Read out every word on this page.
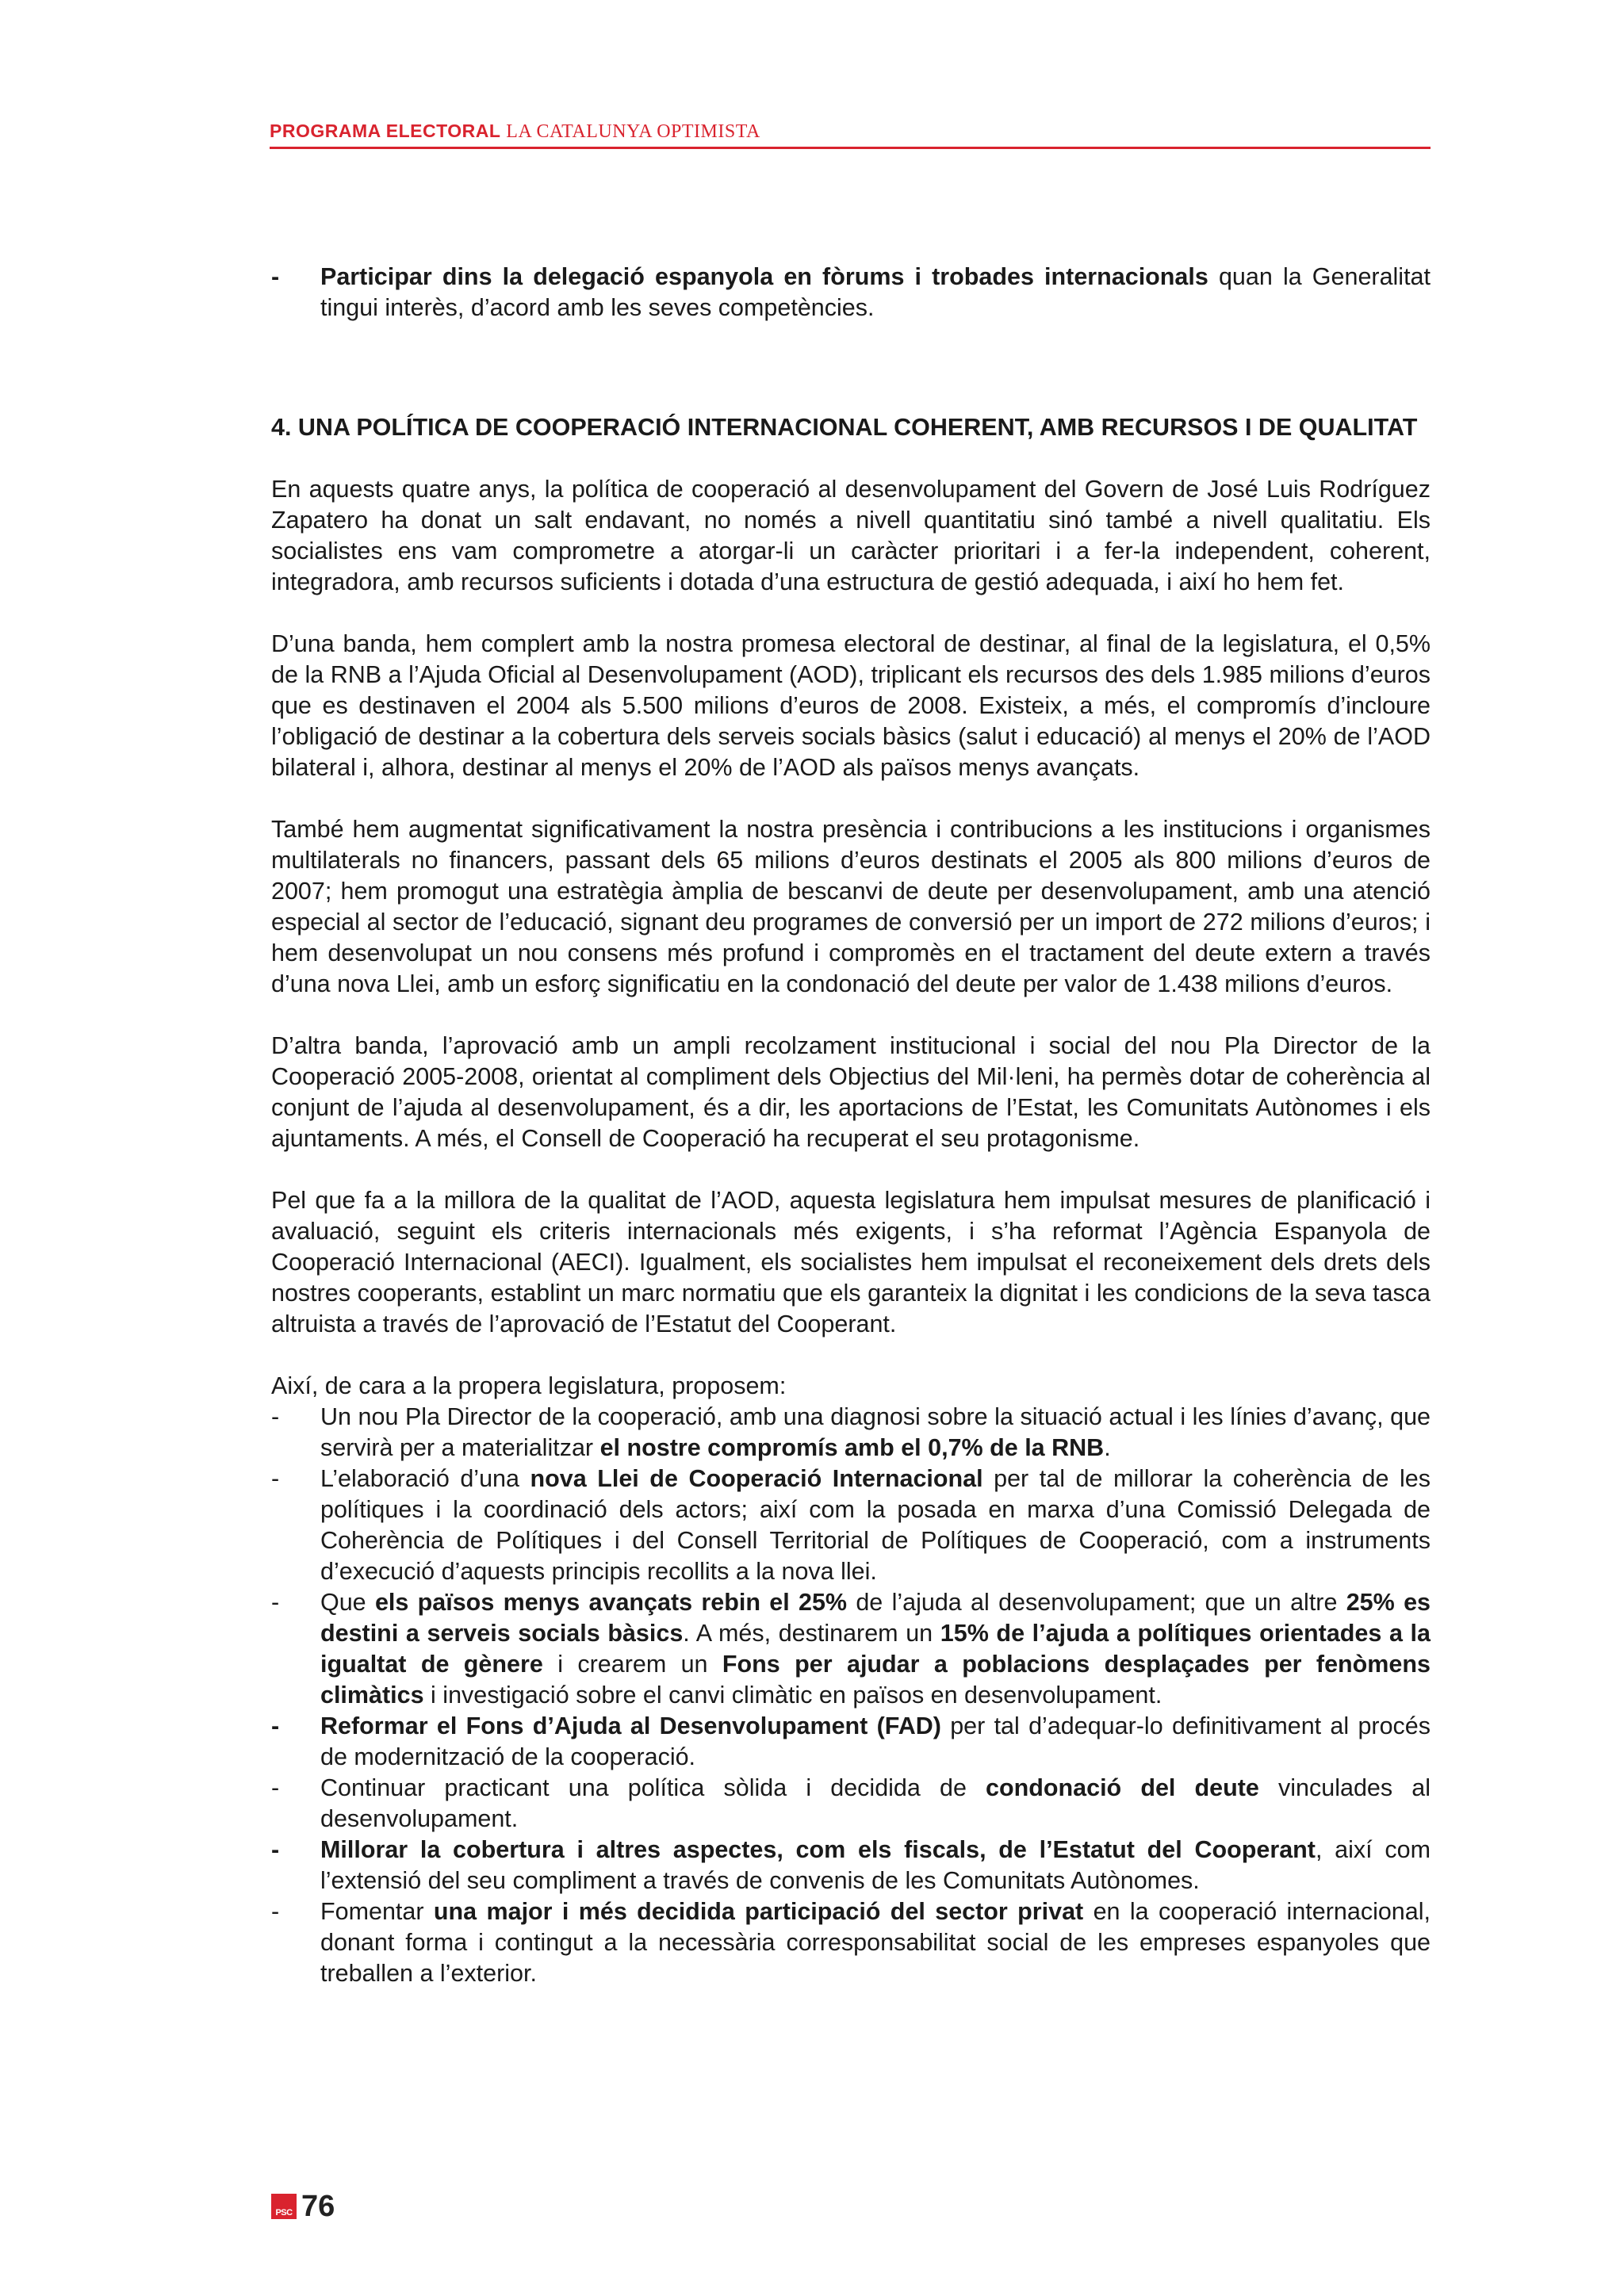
PROGRAMA ELECTORAL LA CATALUNYA OPTIMISTA
-	Participar dins la delegació espanyola en fòrums i trobades internacionals quan la Generalitat tingui interès, d’acord amb les seves competències.
4. UNA POLÍTICA DE COOPERACIÓ INTERNACIONAL COHERENT, AMB RECURSOS I DE QUALITAT

En aquests quatre anys, la política de cooperació al desenvolupament del Govern de José Luis Rodríguez Zapatero ha donat un salt endavant, no només a nivell quantitatiu sinó també a nivell qualitatiu. Els socialistes ens vam comprometre a atorgar-li un caràcter prioritari i a fer-la independent, coherent, integradora, amb recursos suficients i dotada d’una estructura de gestió adequada, i així ho hem fet.

D’una banda, hem complert amb la nostra promesa electoral de destinar, al final de la legislatura, el 0,5% de la RNB a l’Ajuda Oficial al Desenvolupament (AOD), triplicant els recursos des dels 1.985 milions d’euros que es destinaven el 2004 als 5.500 milions d’euros de 2008. Existeix, a més, el compromís d’incloure l’obligació de destinar a la cobertura dels serveis socials bàsics (salut i educació) al menys el 20% de l’AOD bilateral i, alhora, destinar al menys el 20% de l’AOD als països menys avançats.

També hem augmentat significativament la nostra presència i contribucions a les institucions i organismes multilaterals no financers, passant dels 65 milions d’euros destinats el 2005 als 800 milions d’euros de 2007; hem promogut una estratègia àmplia de bescanvi de deute per desenvolupament, amb una atenció especial al sector de l’educació, signant deu programes de conversió per un import de 272 milions d’euros; i hem desenvolupat un nou consens més profund i compromès en el tractament del deute extern a través d’una nova Llei, amb un esforç significatiu en la condonació del deute per valor de 1.438 milions d’euros.

D’altra banda, l’aprovació amb un ampli recolzament institucional i social del nou Pla Director de la Cooperació 2005-2008, orientat al compliment dels Objectius del Mil·leni, ha permès dotar de coherència al conjunt de l’ajuda al desenvolupament, és a dir, les aportacions de l’Estat, les Comunitats Autònomes i els ajuntaments. A més, el Consell de Cooperació ha recuperat el seu protagonisme.

Pel que fa a la millora de la qualitat de l’AOD, aquesta legislatura hem impulsat mesures de planificació i avaluació, seguint els criteris internacionals més exigents, i s’ha reformat l’Agència Espanyola de Cooperació Internacional (AECI). Igualment, els socialistes hem impulsat el reconeixement dels drets dels nostres cooperants, establint un marc normatiu que els garanteix la dignitat i les condicions de la seva tasca altruista a través de l’aprovació de l’Estatut del Cooperant.

Així, de cara a la propera legislatura, proposem:
-	Un nou Pla Director de la cooperació, amb una diagnosi sobre la situació actual i les línies d’avanç, que servirà per a materialitzar el nostre compromís amb el 0,7% de la RNB.
-	L’elaboració d’una nova Llei de Cooperació Internacional per tal de millorar la coherència de les polítiques i la coordinació dels actors; així com la posada en marxa d’una Comissió Delegada de Coherència de Polítiques i del Consell Territorial de Polítiques de Cooperació, com a instruments d’execució d’aquests principis recollits a la nova llei.
-	Que els països menys avançats rebin el 25% de l’ajuda al desenvolupament; que un altre 25% es destini a serveis socials bàsics. A més, destinarem un 15% de l’ajuda a polítiques orientades a la igualtat de gènere i crearem un Fons per ajudar a poblacions desplaçades per fenòmens climàtics i investigació sobre el canvi climàtic en països en desenvolupament.
-	Reformar el Fons d’Ajuda al Desenvolupament (FAD) per tal d’adequar-lo definitivament al procés de modernització de la cooperació.
-	Continuar practicant una política sòlida i decidida de condonació del deute vinculades al desenvolupament.
-	Millorar la cobertura i altres aspectes, com els fiscals, de l’Estatut del Cooperant, així com l’extensió del seu compliment a través de convenis de les Comunitats Autònomes.
-	Fomentar una major i més decidida participació del sector privat en la cooperació internacional, donant forma i contingut a la necessària corresponsabilitat social de les empreses espanyoles que treballen a l’exterior.
PSC 76
